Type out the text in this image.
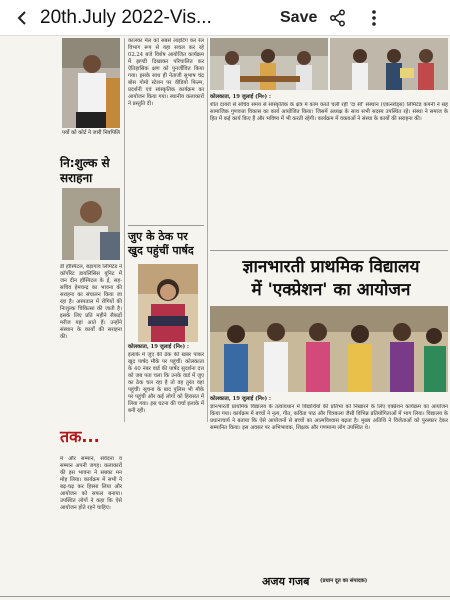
20th.July 2022-Vis...	Save
पर्यो को कोर्ट ने जारी निवपिलि
नि:शुल्क से सराहना
डी हॉस्पिटल, बड़ागांव लिमिटेड ने कॉर्पोरेट डायलिसिस यूनिट में जन दीन हॉस्पिटल के ई, सह-सचिव हेमचन्द्र का भावना की सराहना का संचालन किया जा रहा है। अस्पताल में रोगियों की निःशुल्क चिकित्सा की जाती है। इसके लिए प्रति महीने सैकड़ों मरीज यहां आते हैं। उन्होंने संस्थान के कार्यों की सराहना की।
तक...
मे और सम्मान, संवेदना व सम्मान अपनी जगह। कलाकारों की इस भावना ने सबका मन मोह लिया। कार्यक्रम में सभी ने बढ़-चढ़ कर हिस्सा लिया और आयोजन को सफल बनाया। उपस्थित लोगों ने कहा कि ऐसे आयोजन होते रहने चाहिए।
कालका मेल को सबसे लाइटिंग कर रेल विभाग रूप से यहा सचल कर रहे 02.24 बजे विशेष आयोजित कार्यक्रम में झण्डी दिखाकर परिचालित कर ऐतिहासिक क्षण को पुनर्जीवित किया गया। इसके साथ ही नेताजी सुभाष चंद्र बोस गोमो स्टेशन पर वीडियो फिल्म, प्रदर्शनी एवं सांस्कृतिक कार्यक्रम का आयोजन किया गया। स्थानीय कलाकारों ने प्रस्तुति दी।
जुए के ठेक पर खुद पहुंचीं पार्षद
कोलकाता, 19 जुलाई (नि०) :
इलाके में जुए की ठेक की खबर पाकर खुद पार्षद मौके पर पहुंचीं। कोलकाता के 40 नंबर वार्ड की पार्षद सुदर्शना दत्त को जब पता चला कि उनके वार्ड में जुए का ठेक चल रहा है तो वह तुरंत वहां पहुंचीं। सूचना के बाद पुलिस भी मौके पर पहुंची और कई लोगों को हिरासत में लिया गया। इस घटना की चर्चा इलाके में बनी रही।
कोलकाता, 19 जुलाई (नि०) :
शीत दायरो से सचिव समय से सांस्कृतिक के क्षेत्र में काम करते चली रहीं 'दा सी' संस्थान (एकनरोड्स) लिमिटेड कपनी ने सह सामाजिक गुणवत्ता विकास का कार्य आयोजित किया। जिसमें अध्यक्ष के साथ सभी सदस्य उपस्थित रहे। संस्था ने समाज के हित में कई कार्य किए हैं और भविष्य में भी करती रहेगी। कार्यक्रम में वक्ताओं ने संस्था के कार्यों की सराहना की।
ज्ञानभारती प्राथमिक विद्यालय
में 'एक्प्रेशन' का आयोजन
कोलकाता, 19 जुलाई (नि०) :
ज्ञानभारती प्राथमिक विद्यालय के तत्वावधान में विद्यार्थियों की प्रतिभा को निखारने के लिए एक्प्रेशन कार्यक्रम का आयोजन किया गया। कार्यक्रम में बच्चों ने नृत्य, गीत, कविता पाठ और चित्रकला जैसी विभिन्न प्रतियोगिताओं में भाग लिया। विद्यालय के प्रधानाचार्य ने बताया कि ऐसे आयोजनों से बच्चों का आत्मविश्वास बढ़ता है। मुख्य अतिथि ने विजेताओं को पुरस्कार देकर सम्मानित किया। इस अवसर पर अभिभावक, शिक्षक और गणमान्य लोग उपस्थित थे।
अजय गजब (प्रधान दूत का संपादक)
